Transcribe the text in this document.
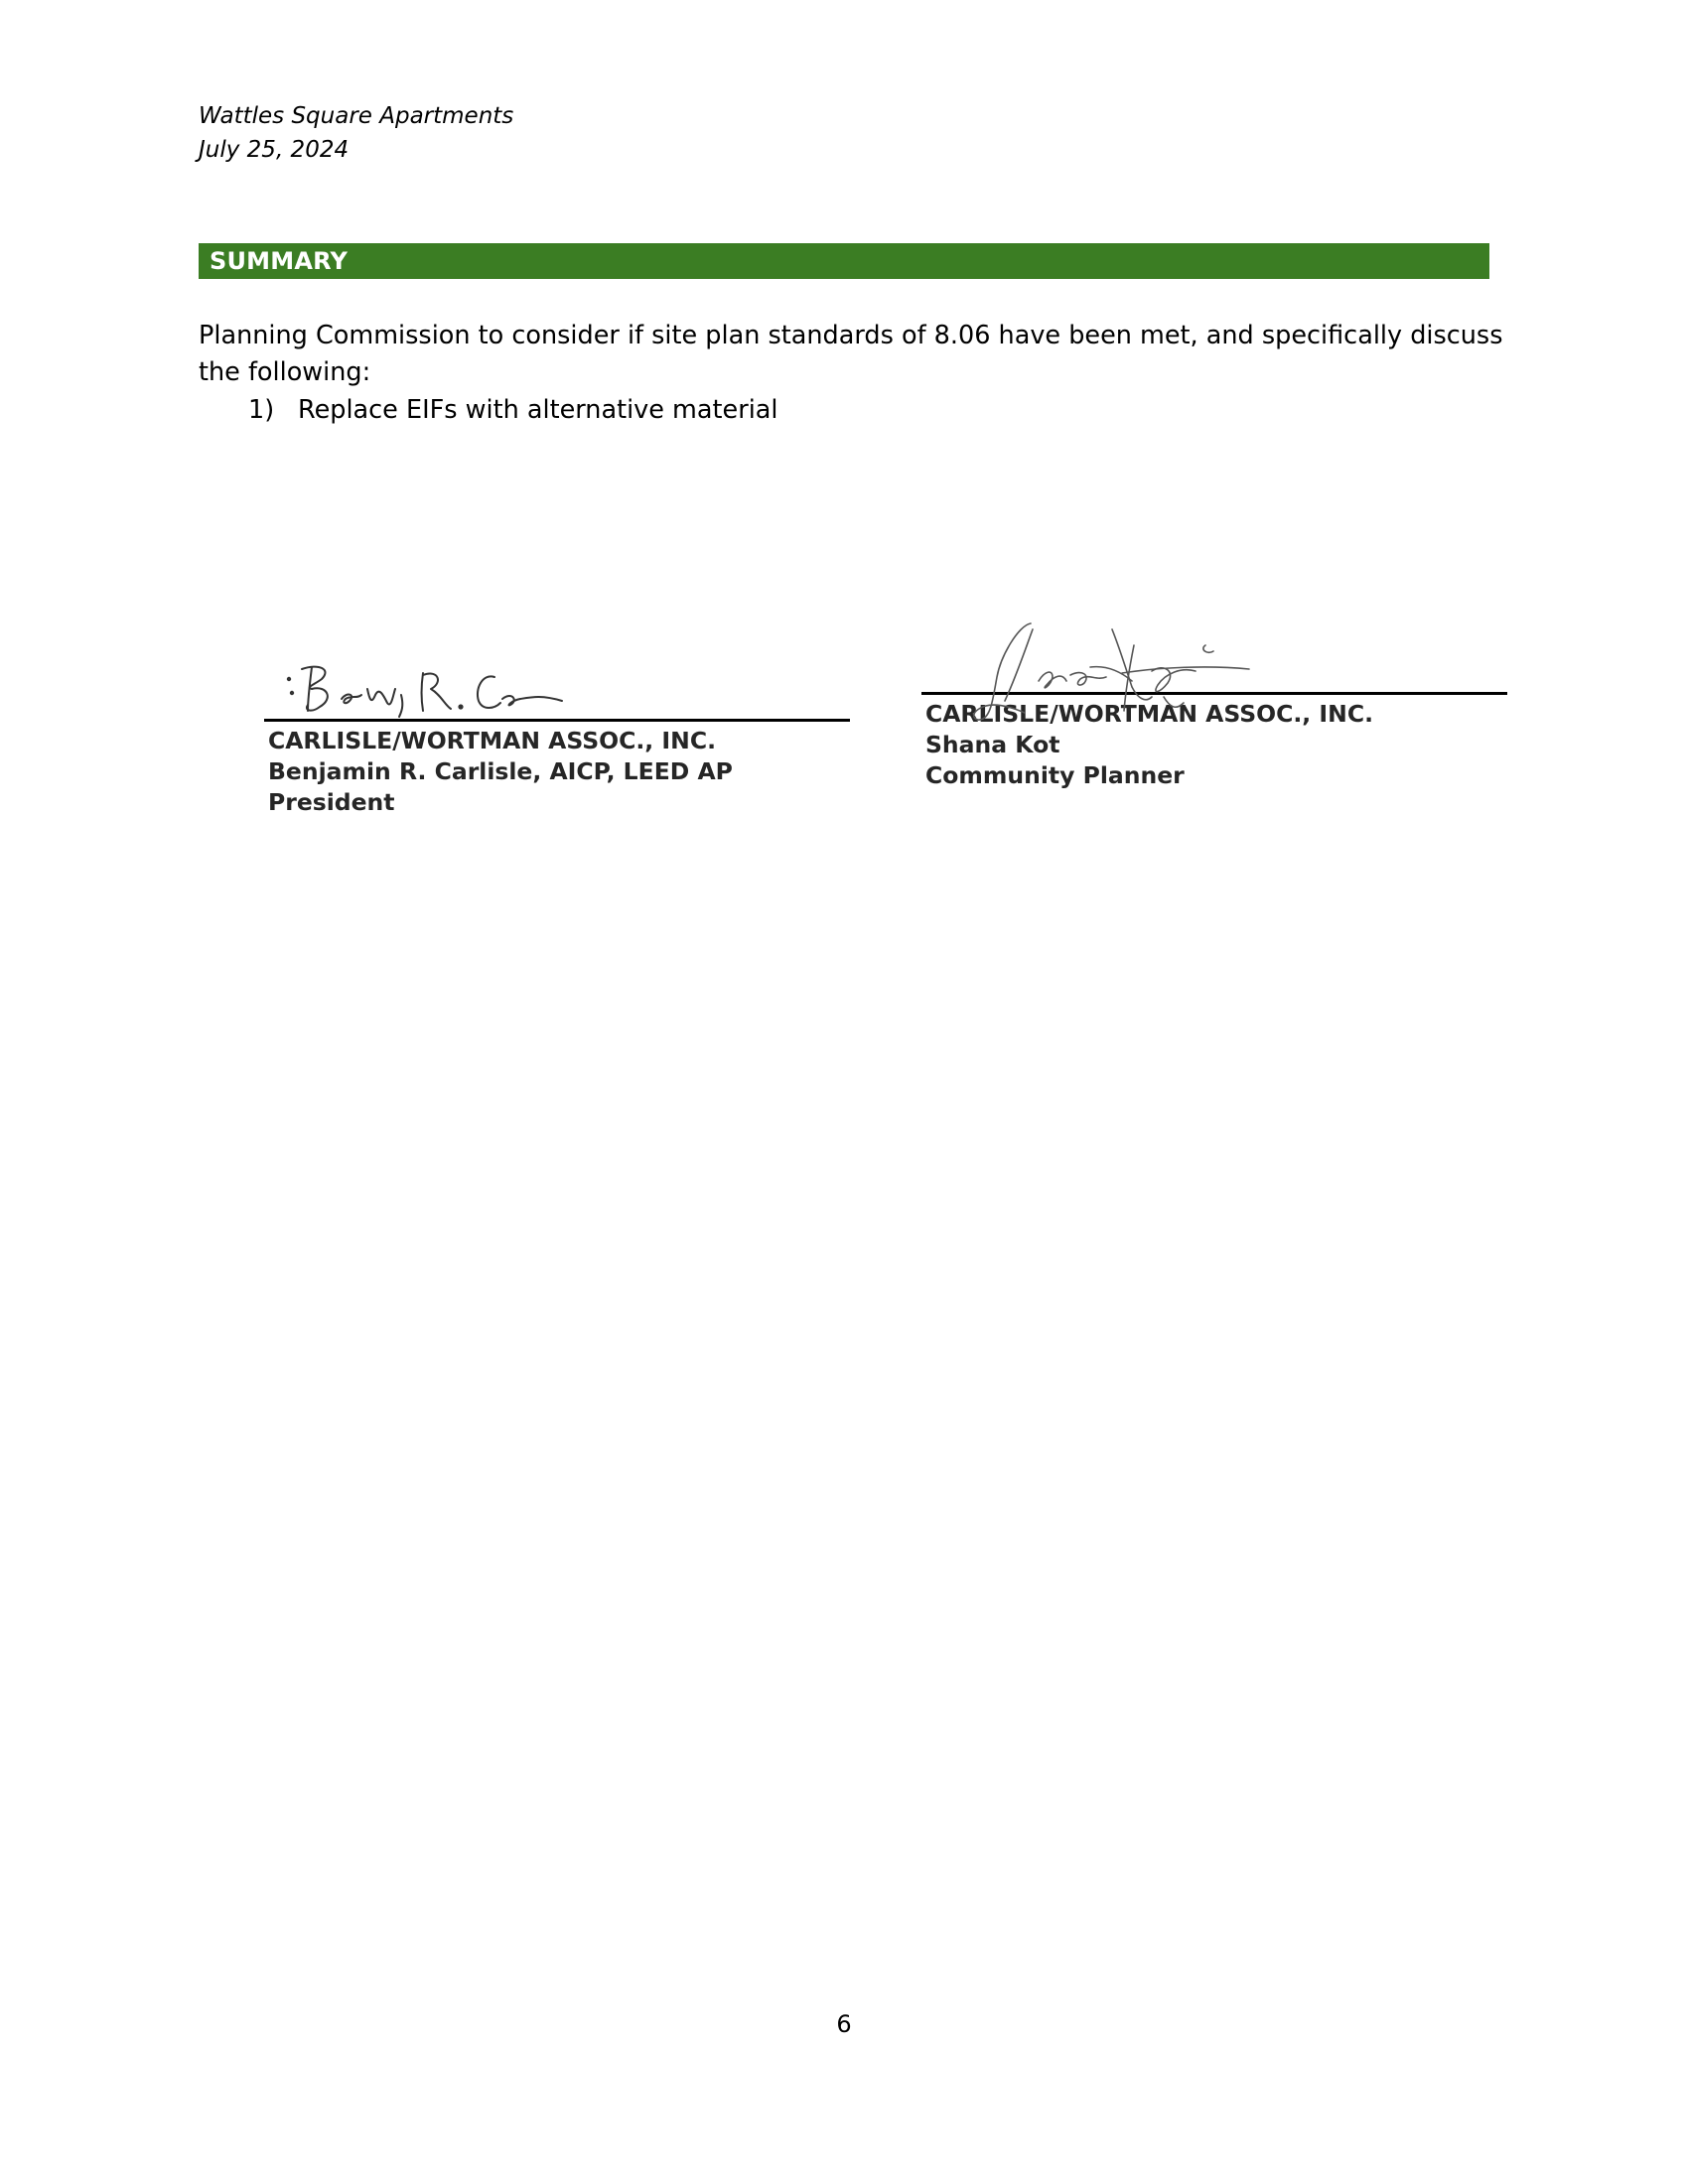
Wattles Square Apartments
July 25, 2024
SUMMARY
Planning Commission to consider if site plan standards of 8.06 have been met, and specifically discuss the following:
1) Replace EIFs with alternative material
CARLISLE/WORTMAN ASSOC., INC.
Benjamin R. Carlisle, AICP, LEED AP
President
CARLISLE/WORTMAN ASSOC., INC.
Shana Kot
Community Planner
6
